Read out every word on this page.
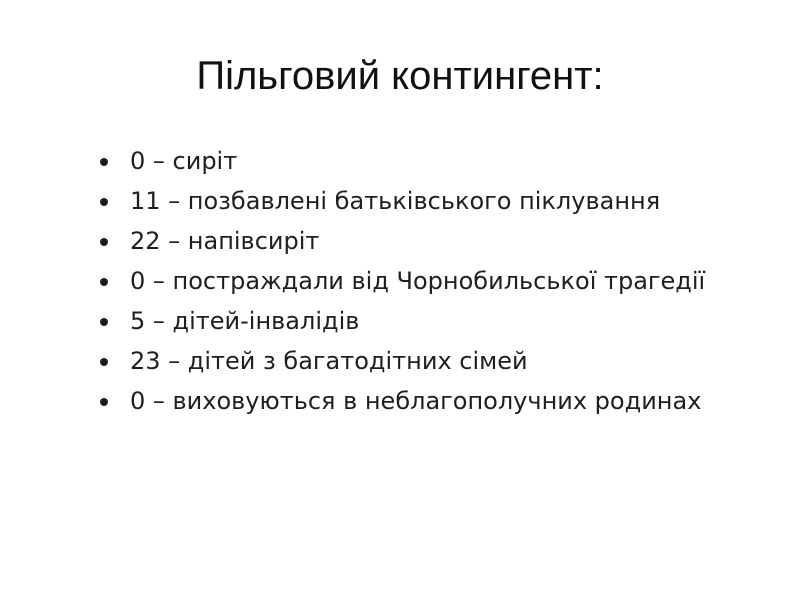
Пільговий контингент:
0 – сиріт
11 – позбавлені батьківського піклування
22 – напівсиріт
0 – постраждали від Чорнобильської трагедії
5 – дітей-інвалідів
23 – дітей з багатодітних сімей
0 – виховуються в неблагополучних родинах
